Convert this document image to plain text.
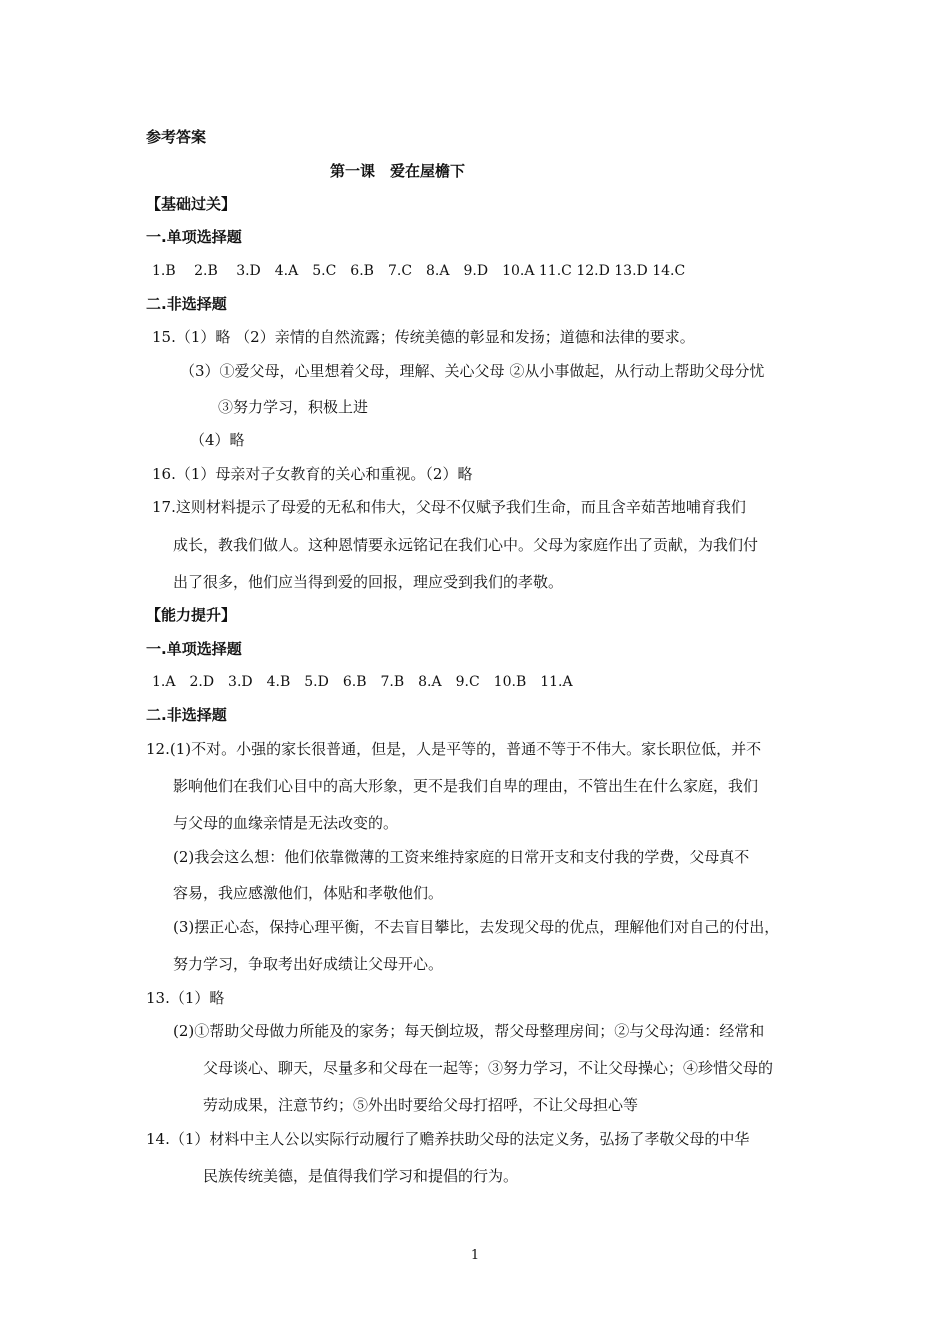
参考答案
第一课　爱在屋檐下
【基础过关】
一.单项选择题
1.B　 2.B　 3.D　4.A　5.C　6.B　7.C　8.A　9.D　10.A 11.C 12.D 13.D 14.C
二.非选择题
15.（1）略 （2）亲情的自然流露；传统美德的彰显和发扬；道德和法律的要求。
（3）①爱父母，心里想着父母，理解、关心父母 ②从小事做起，从行动上帮助父母分忧
③努力学习，积极上进
（4）略
16.（1）母亲对子女教育的关心和重视。（2）略
17.这则材料提示了母爱的无私和伟大，父母不仅赋予我们生命，而且含辛茹苦地哺育我们
成长，教我们做人。这种恩情要永远铭记在我们心中。父母为家庭作出了贡献，为我们付
出了很多，他们应当得到爱的回报，理应受到我们的孝敬。
【能力提升】
一.单项选择题
1.A　2.D　3.D　4.B　5.D　6.B　7.B　8.A　9.C　10.B　11.A
二.非选择题
12.(1)不对。小强的家长很普通，但是，人是平等的，普通不等于不伟大。家长职位低，并不
影响他们在我们心目中的高大形象，更不是我们自卑的理由，不管出生在什么家庭，我们
与父母的血缘亲情是无法改变的。
(2)我会这么想：他们依靠微薄的工资来维持家庭的日常开支和支付我的学费，父母真不
容易，我应感激他们，体贴和孝敬他们。
(3)摆正心态，保持心理平衡，不去盲目攀比，去发现父母的优点，理解他们对自己的付出，
努力学习，争取考出好成绩让父母开心。
13.（1）略
(2)①帮助父母做力所能及的家务；每天倒垃圾，帮父母整理房间；②与父母沟通：经常和
父母谈心、聊天，尽量多和父母在一起等；③努力学习，不让父母操心；④珍惜父母的
劳动成果，注意节约；⑤外出时要给父母打招呼，不让父母担心等
14.（1）材料中主人公以实际行动履行了赡养扶助父母的法定义务，弘扬了孝敬父母的中华
民族传统美德，是值得我们学习和提倡的行为。
1
